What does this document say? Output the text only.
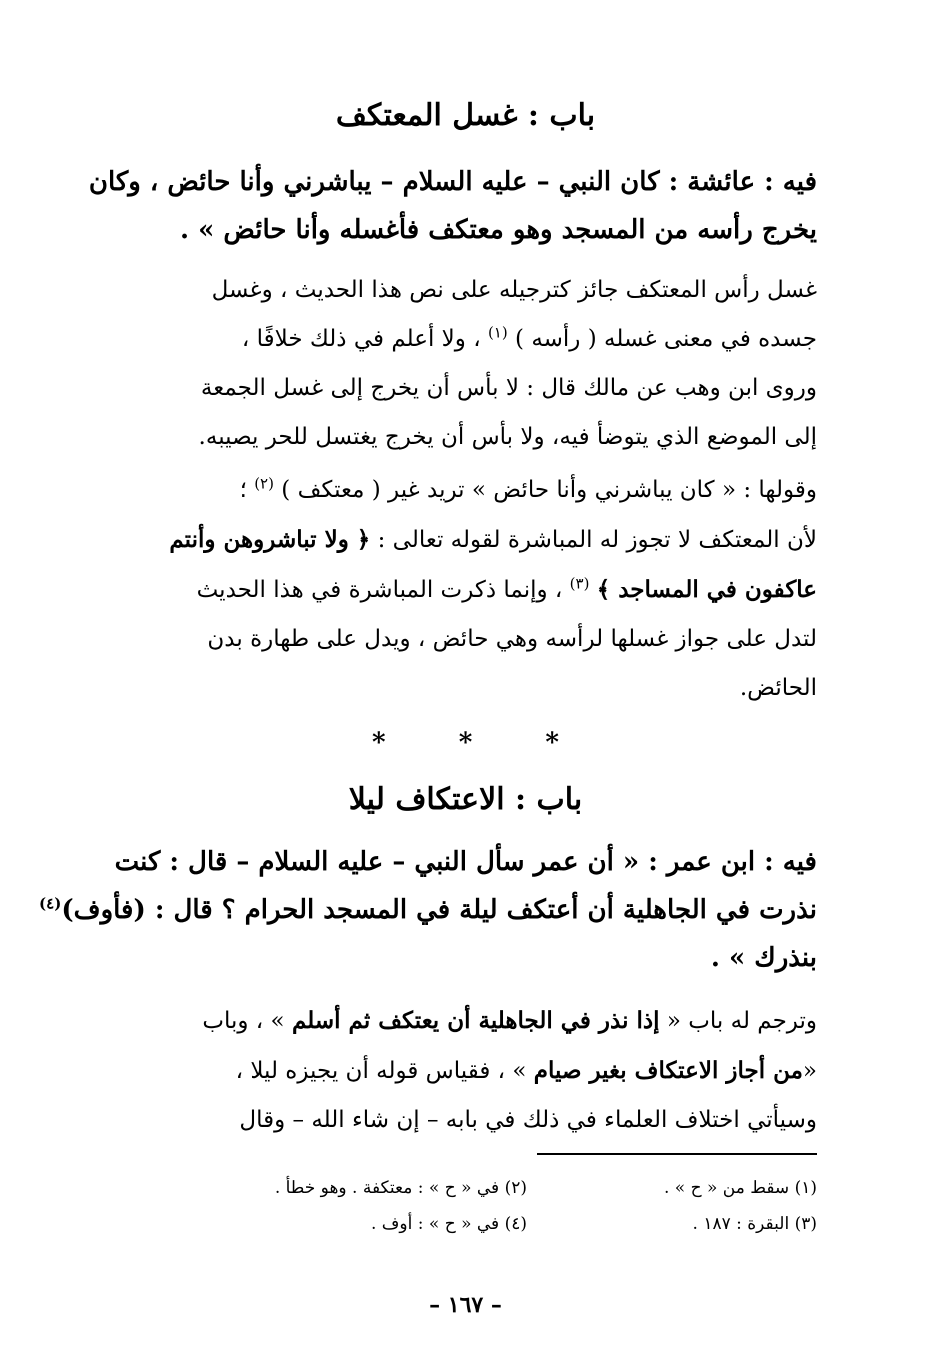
باب : غسل المعتكف
فيه : عائشة : كان النبي – عليه السلام – يباشرني وأنا حائض ، وكان
يخرج رأسه من المسجد وهو معتكف فأغسله وأنا حائض » .
غسل رأس المعتكف جائز كترجيله على نص هذا الحديث ، وغسل
جسده في معنى غسله ( رأسه ) $^{(١)}$ ، ولا أعلم في ذلك خلافًا ،
وروى ابن وهب عن مالك قال : لا بأس أن يخرج إلى غسل الجمعة
إلى الموضع الذي يتوضأ فيه، ولا بأس أن يخرج يغتسل للحر يصيبه.
وقولها : « كان يباشرني وأنا حائض » تريد غير ( معتكف ) $^{(٢)}$ ؛
لأن المعتكف لا تجوز له المباشرة لقوله تعالى : ﴿ ولا تباشروهن وأنتم
عاكفون في المساجد ﴾ $^{(٣)}$ ، وإنما ذكرت المباشرة في هذا الحديث
لتدل على جواز غسلها لرأسه وهي حائض ، ويدل على طهارة بدن
الحائض.
*	*	*
باب : الاعتكاف ليلا
فيه : ابن عمر : « أن عمر سأل النبي – عليه السلام – قال : كنت
نذرت في الجاهلية أن أعتكف ليلة في المسجد الحرام ؟ قال : (فأوف)$^{(٤)}$
بنذرك » .
وترجم له باب « إذا نذر في الجاهلية أن يعتكف ثم أسلم » ، وباب
«من أجاز الاعتكاف بغير صيام » ، فقياس قوله أن يجيزه ليلا ،
وسيأتي اختلاف العلماء في ذلك في بابه – إن شاء الله – وقال
(١) سقط من « ح » .
(٢) في « ح » : معتكفة . وهو خطأ .
(٣) البقرة : ١٨٧ .
(٤) في « ح » : أوف .
– ١٦٧ –
